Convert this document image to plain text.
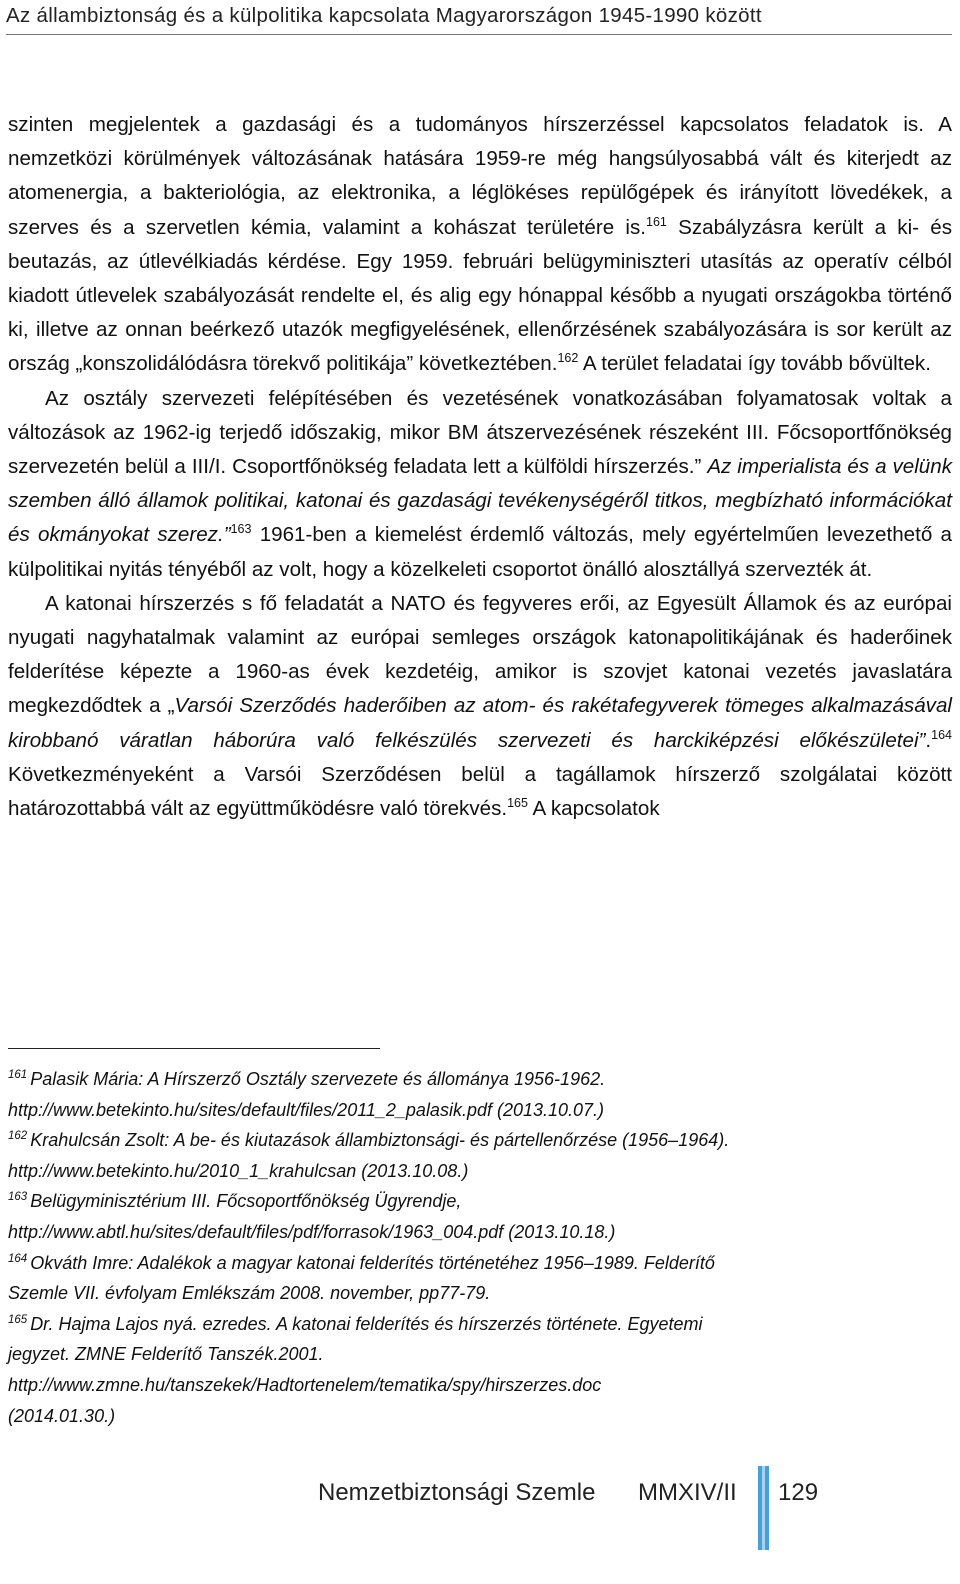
Az állambiztonság és a külpolitika kapcsolata Magyarországon 1945-1990 között

szinten megjelentek a gazdasági és a tudományos hírszerzéssel kapcsolatos feladatok is. A nemzetközi körülmények változásának hatására 1959-re még hangsúlyosabbá vált és kiterjedt az atomenergia, a bakteriológia, az elektronika, a léglökéses repülőgépek és irányított lövedékek, a szerves és a szervetlen kémia, valamint a kohászat területére is.$^{161}$ Szabályzásra került a ki- és beutazás, az útlevélkiadás kérdése. Egy 1959. februári belügyminiszteri utasítás az operatív célból kiadott útlevelek szabályozását rendelte el, és alig egy hónappal később a nyugati országokba történő ki, illetve az onnan beérkező utazók megfigyelésének, ellenőrzésének szabályozására is sor került az ország „konszolidálódásra törekvő politikája” következtében.$^{162}$ A terület feladatai így tovább bővültek.

Az osztály szervezeti felépítésében és vezetésének vonatkozásában folyamatosak voltak a változások az 1962-ig terjedő időszakig, mikor BM átszervezésének részeként III. Főcsoportfőnökség szervezetén belül a III/I. Csoportfőnökség feladata lett a külföldi hírszerzés.” Az imperialista és a velünk szemben álló államok politikai, katonai és gazdasági tevékenységéről titkos, megbízható információkat és okmányokat szerez.”$^{163}$ 1961-ben a kiemelést érdemlő változás, mely egyértelműen levezethető a külpolitikai nyitás tényéből az volt, hogy a közelkeleti csoportot önálló alosztállyá szervezték át.

A katonai hírszerzés s fő feladatát a NATO és fegyveres erői, az Egyesült Államok és az európai nyugati nagyhatalmak valamint az európai semleges országok katonapolitikájának és haderőinek felderítése képezte a 1960-as évek kezdetéig, amikor is szovjet katonai vezetés javaslatára megkezdődtek a „Varsói Szerződés haderőiben az atom- és rakétafegyverek tömeges alkalmazásával kirobbanó váratlan háborúra való felkészülés szervezeti és harckiképzési előkészületei”.$^{164}$ Következményeként a Varsói Szerződésen belül a tagállamok hírszerző szolgálatai között határozottabbá vált az együttműködésre való törekvés.$^{165}$ A kapcsolatok

$^{161}$ Palasik Mária: A Hírszerző Osztály szervezete és állománya 1956-1962.
http://www.betekinto.hu/sites/default/files/2011_2_palasik.pdf (2013.10.07.)
$^{162}$ Krahulcsán Zsolt: A be- és kiutazások állambiztonsági- és pártellenőrzése (1956–1964).
http://www.betekinto.hu/2010_1_krahulcsan (2013.10.08.)
$^{163}$ Belügyminisztérium III. Főcsoportfőnökség Ügyrendje,
http://www.abtl.hu/sites/default/files/pdf/forrasok/1963_004.pdf (2013.10.18.)
$^{164}$ Okváth Imre: Adalékok a magyar katonai felderítés történetéhez 1956–1989. Felderítő
Szemle VII. évfolyam Emlékszám 2008. november, pp77-79.
$^{165}$ Dr. Hajma Lajos nyá. ezredes. A katonai felderítés és hírszerzés története. Egyetemi
jegyzet. ZMNE Felderítő Tanszék.2001.
http://www.zmne.hu/tanszekek/Hadtortenelem/tematika/spy/hirszerzes.doc
(2014.01.30.)
Nemzetbiztonsági Szemle MMXIV/II 129
